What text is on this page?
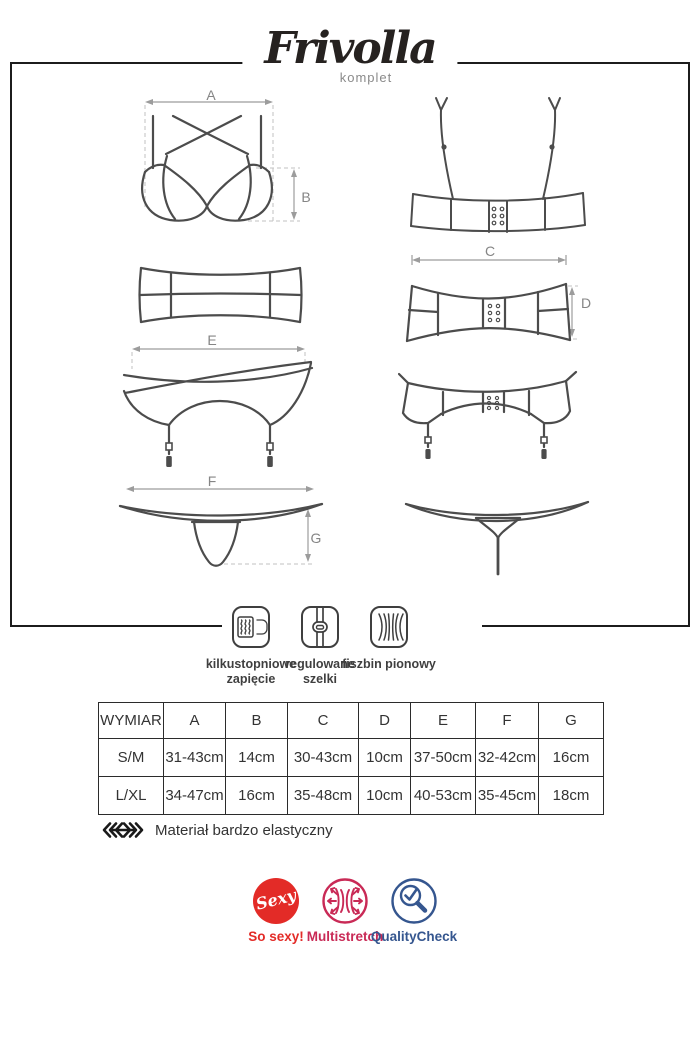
Frivolla
komplet
A
B
C
D
E
F
G
kilkustopniowe
zapięcie
regulowane
szelki
fiszbin pionowy
WYMIAR	A	B	C	D	E	F	G
S/M	31-43cm	14cm	30-43cm	10cm	37-50cm	32-42cm	16cm
L/XL	34-47cm	16cm	35-48cm	10cm	40-53cm	35-45cm	18cm
Materiał bardzo elastyczny
Sexy
So sexy! Multistretch
QualityCheck
